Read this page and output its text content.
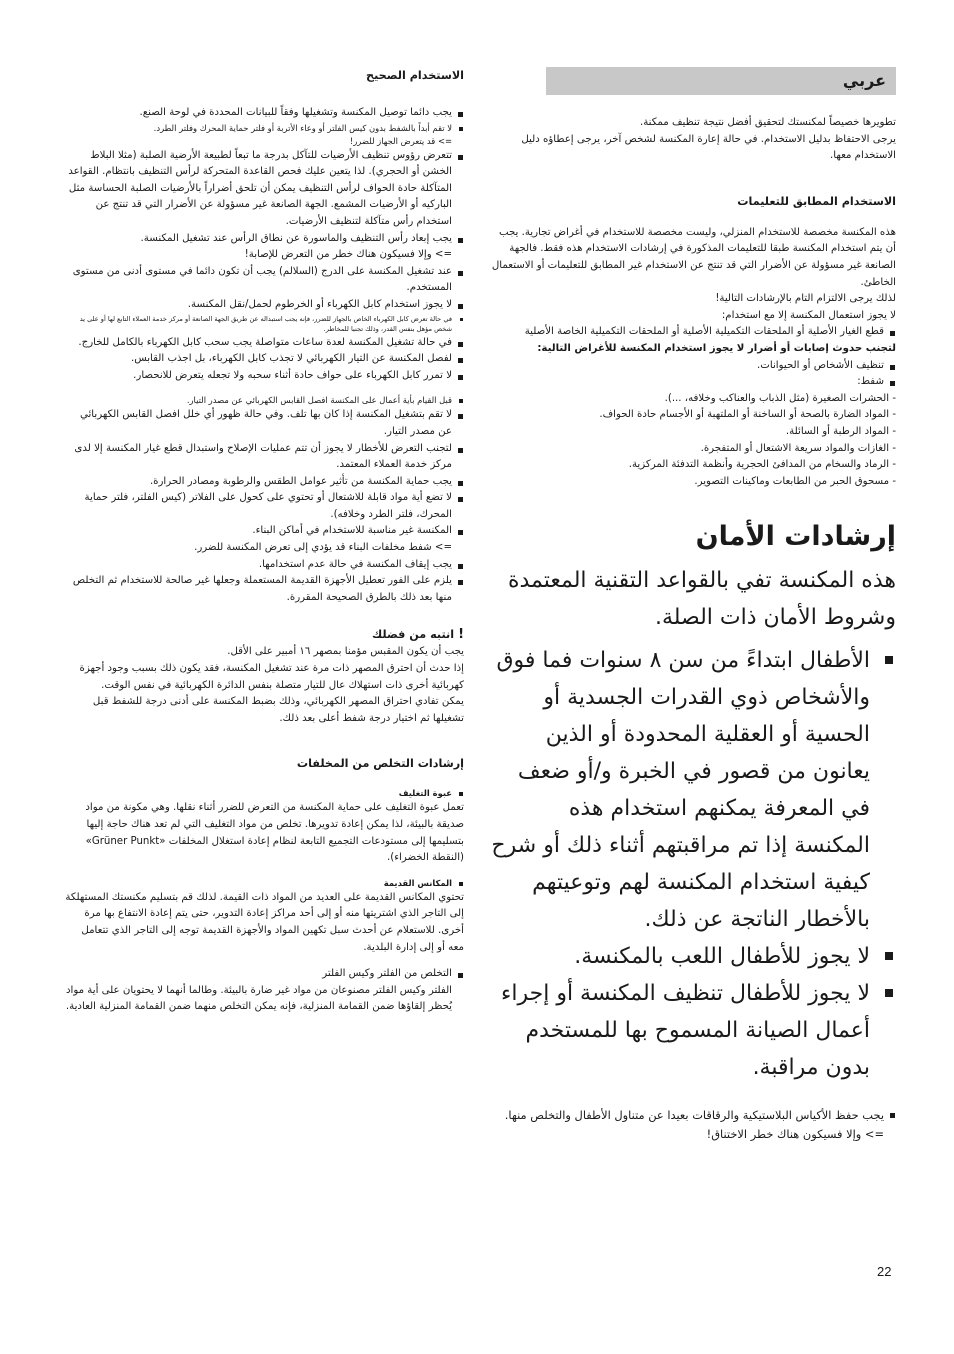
عربي

تطويرها خصيصاً لمكنستك لتحقيق أفضل نتيجة تنظيف ممكنة.

يرجى الاحتفاظ بدليل الاستخدام. في حالة إعارة المكنسة لشخص آخر، يرجى إعطاؤه دليل الاستخدام معها.

الاستخدام المطابق للتعليمات

هذه المكنسة مخصصة للاستخدام المنزلي، وليست مخصصة للاستخدام في أغراض تجارية. يجب أن يتم استخدام المكنسة طبقا للتعليمات المذكورة في إرشادات الاستخدام هذه فقط. فالجهة الصانعة غير مسؤولة عن الأضرار التي قد تنتج عن الاستخدام غير المطابق للتعليمات أو الاستعمال الخاطئ.

لذلك يرجى الالتزام التام بالإرشادات التالية!

لا يجوز استعمال المكنسة إلا مع استخدام:

قطع الغيار الأصلية أو الملحقات التكميلية الأصلية أو الملحقات التكميلية الخاصة الأصلية

لتجنب حدوث إصابات أو أضرار لا يجوز استخدام المكنسة للأغراض التالية:

تنظيف الأشخاص أو الحيوانات.
شفط:
- الحشرات الصغيرة (مثل الذباب والعناكب وخلافه، ...).
- المواد الضارة بالصحة أو الساخنة أو الملتهبة أو الأجسام حادة الحواف.
- المواد الرطبة أو السائلة.
- الغازات والمواد سريعة الاشتعال أو المتفجرة.
- الرماد والسخام من المدافئ الحجرية وأنظمة التدفئة المركزية.
- مسحوق الحبر من الطابعات وماكينات التصوير.
إرشادات الأمان

هذه المكنسة تفي بالقواعد التقنية المعتمدة

وشروط الأمان ذات الصلة.

الأطفال ابتداءً من سن ٨ سنوات فما فوق والأشخاص ذوي القدرات الجسدية أو الحسية أو العقلية المحدودة أو الذين يعانون من قصور في الخبرة و/أو ضعف في المعرفة يمكنهم استخدام هذه المكنسة إذا تم مراقبتهم أثناء ذلك أو شرح كيفية استخدام المكنسة لهم وتوعيتهم بالأخطار الناتجة عن ذلك.
لا يجوز للأطفال اللعب بالمكنسة.
لا يجوز للأطفال تنظيف المكنسة أو إجراء أعمال الصيانة المسموح بها للمستخدم بدون مراقبة.
يجب حفظ الأكياس البلاستيكية والرقاقات بعيدا عن متناول الأطفال والتخلص منها.

=> وإلا فسيكون هناك خطر الاختناق!

الاستخدام الصحيح
يجب دائما توصيل المكنسة وتشغيلها وفقاً للبيانات المحددة في لوحة الصنع.
لا تقم أبداً بالشفط بدون كيس الفلتر أو وعاء الأتربة أو فلتر حماية المحرك وفلتر الطرد.

=> قد يتعرض الجهاز للضرر!

تتعرض رؤوس تنظيف الأرضيات للتآكل بدرجة ما تبعاً لطبيعة الأرضية الصلبة (مثلا البلاط الخشن أو الحجري). لذا يتعين عليك فحص القاعدة المتحركة لرأس التنظيف بانتظام. القواعد المتآكلة حادة الحواف لرأس التنظيف يمكن أن تلحق أضراراً بالأرضيات الصلبة الحساسة مثل الباركيه أو الأرضيات المشمع. الجهة الصانعة غير مسؤولة عن الأضرار التي قد تنتج عن استخدام رأس متآكلة لتنظيف الأرضيات.
يجب إبعاد رأس التنظيف والماسورة عن نطاق الرأس عند تشغيل المكنسة.

=> وإلا فسيكون هناك خطر من التعرض للإصابة!

عند تشغيل المكنسة على الدرج (السلالم) يجب أن تكون دائما في مستوى أدنى من مستوى المستخدم.
لا يجوز استخدام كابل الكهرباء أو الخرطوم لحمل/نقل المكنسة.
في حالة تعرض كابل الكهرباء الخاص بالجهاز للضرر، فإنه يجب استبداله عن طريق الجهة الصانعة أو مركز خدمة العملاء التابع لها أو على يد شخص مؤهل بنفس القدر، وذلك تجنبا للمخاطر.
في حالة تشغيل المكنسة لعدة ساعات متواصلة يجب سحب كابل الكهرباء بالكامل للخارج.
لفصل المكنسة عن التيار الكهربائي لا تجذب كابل الكهرباء، بل اجذب القابس.
لا تمرر كابل الكهرباء على حواف حادة أثناء سحبه ولا تجعله يتعرض للانحصار.
قبل القيام بأية أعمال على المكنسة افصل القابس الكهربائي عن مصدر التيار.
لا تقم بتشغيل المكنسة إذا كان بها تلف. وفي حالة ظهور أي خلل افصل القابس الكهربائي عن مصدر التيار.
لتجنب التعرض للأخطار لا يجوز أن تتم عمليات الإصلاح واستبدال قطع غيار المكنسة إلا لدى مركز خدمة العملاء المعتمد.
يجب حماية المكنسة من تأثير عوامل الطقس والرطوبة ومصادر الحرارة.
لا تضع أية مواد قابلة للاشتعال أو تحتوي على كحول على الفلاتر (كيس الفلتر، فلتر حماية المحرك، فلتر الطرد وخلافه).
المكنسة غير مناسبة للاستخدام في أماكن البناء.

=> شفط مخلفات البناء قد يؤدي إلى تعرض المكنسة للضرر.

يجب إيقاف المكنسة في حالة عدم استخدامها.
يلزم على الفور تعطيل الأجهزة القديمة المستعملة وجعلها غير صالحة للاستخدام ثم التخلص منها بعد ذلك بالطرق الصحيحة المقررة.
!انتبه من فضلك

يجب أن يكون المقبس مؤمنا بمصهر ١٦ أمبير على الأقل.

إذا حدث أن احترق المصهر ذات مرة عند تشغيل المكنسة، فقد يكون ذلك بسبب وجود أجهزة كهربائية أخرى ذات استهلاك عال للتيار متصلة بنفس الدائرة الكهربائية في نفس الوقت.

يمكن تفادي احتراق المصهر الكهربائي، وذلك بضبط المكنسة على أدنى درجة للشفط قبل تشغيلها ثم اختيار درجة شفط أعلى بعد ذلك.

إرشادات التخلص من المخلفات
عبوة التغليف

تعمل عبوة التغليف على حماية المكنسة من التعرض للضرر أثناء نقلها. وهي مكونة من مواد صديقة بالبيئة، لذا يمكن إعادة تدويرها. تخلص من مواد التغليف التي لم تعد هناك حاجة إليها بتسليمها إلى مستودعات التجميع التابعة لنظام إعادة استغلال المخلفات «Grüner Punkt» (النقطة الخضراء).

المكانس القديمة

تحتوي المكانس القديمة على العديد من المواد ذات القيمة. لذلك قم بتسليم مكنستك المستهلكة إلى التاجر الذي اشتريتها منه أو إلى أحد مراكز إعادة التدوير، حتى يتم إعادة الانتفاع بها مرة أخرى. للاستعلام عن أحدث سبل تكهين المواد والأجهزة القديمة توجه إلى التاجر الذي تتعامل معه أو إلى إدارة البلدية.

التخلص من الفلتر وكيس الفلتر

الفلتر وكيس الفلتر مصنوعان من مواد غير ضارة بالبيئة. وطالما أنهما لا يحتويان على أية مواد يُحظر إلقاؤها ضمن القمامة المنزلية، فإنه يمكن التخلص منهما ضمن القمامة المنزلية العادية.

22
